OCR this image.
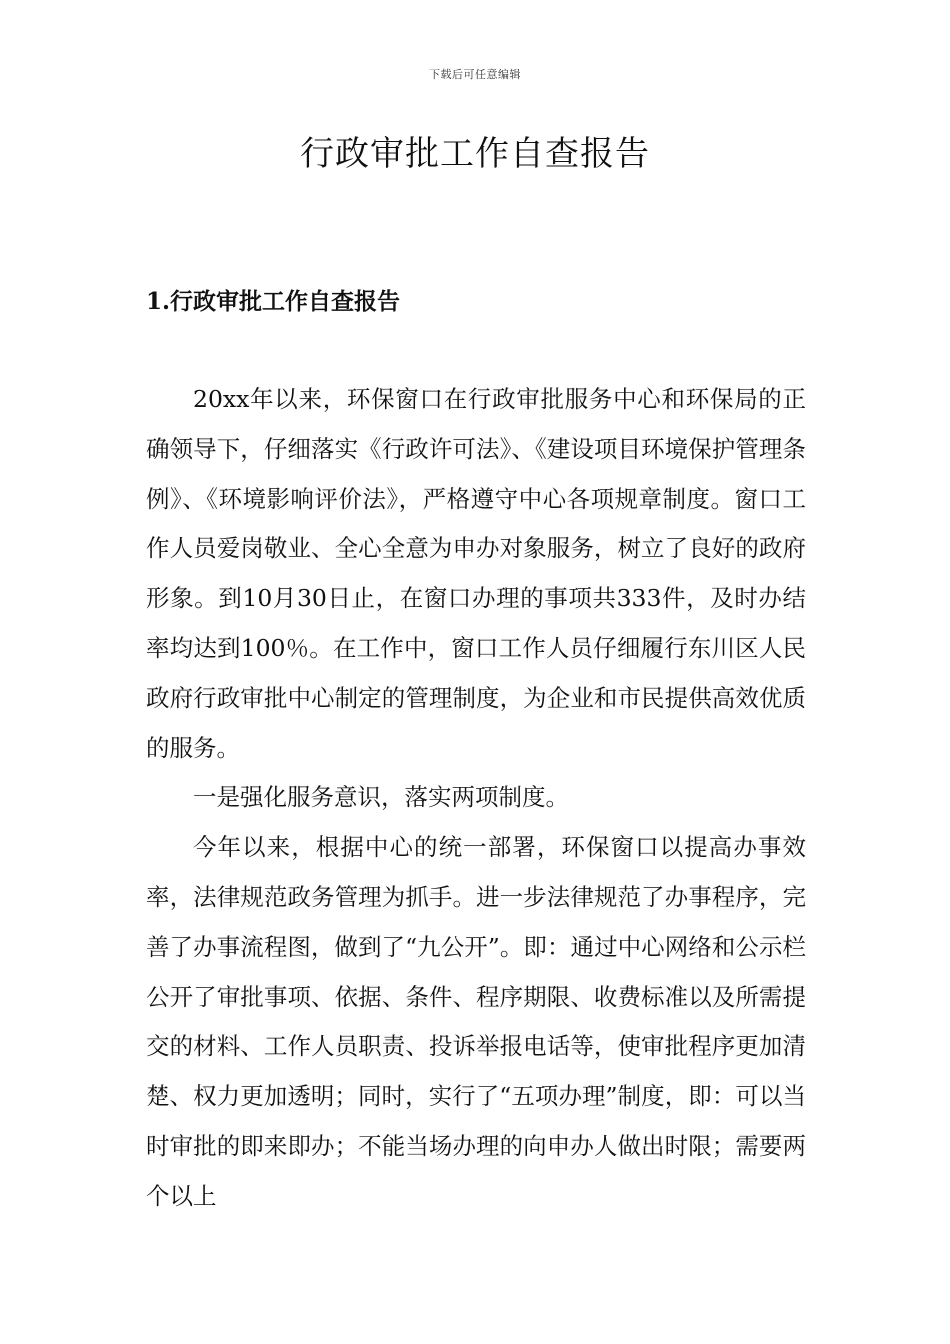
下载后可任意编辑
行政审批工作自查报告
1.行政审批工作自查报告

20xx年以来，环保窗口在行政审批服务中心和环保局的正确领导下，仔细落实《行政许可法》、《建设项目环境保护管理条例》、《环境影响评价法》，严格遵守中心各项规章制度。窗口工作人员爱岗敬业、全心全意为申办对象服务，树立了良好的政府形象。到10月30日止，在窗口办理的事项共333件，及时办结率均达到100％。在工作中，窗口工作人员仔细履行东川区人民政府行政审批中心制定的管理制度，为企业和市民提供高效优质的服务。

一是强化服务意识，落实两项制度。

今年以来，根据中心的统一部署，环保窗口以提高办事效率，法律规范政务管理为抓手。进一步法律规范了办事程序，完善了办事流程图，做到了“九公开”。即：通过中心网络和公示栏公开了审批事项、依据、条件、程序期限、收费标准以及所需提交的材料、工作人员职责、投诉举报电话等，使审批程序更加清楚、权力更加透明；同时，实行了“五项办理”制度，即：可以当时审批的即来即办；不能当场办理的向申办人做出时限；需要两个以上
